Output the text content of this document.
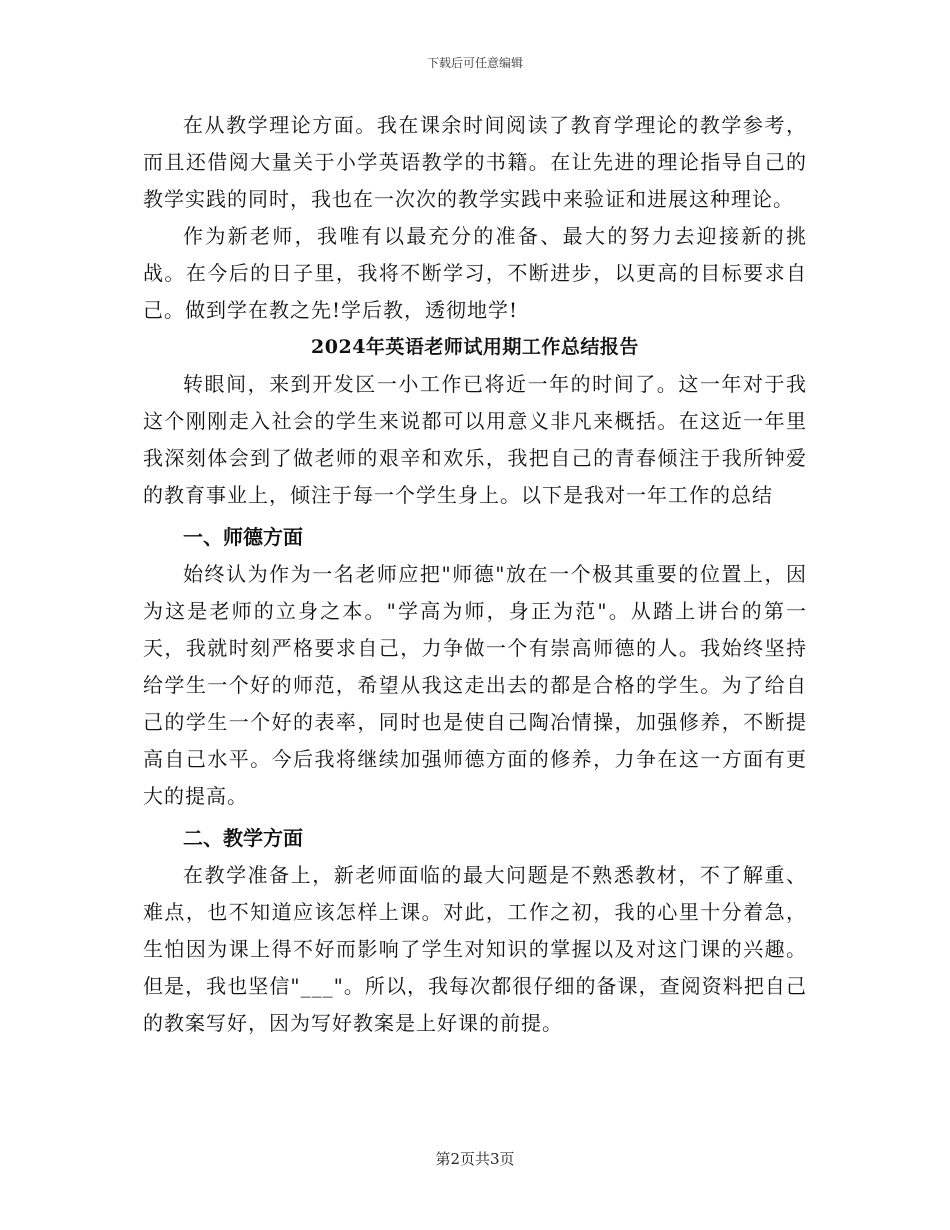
下载后可任意编辑

在从教学理论方面。我在课余时间阅读了教育学理论的教学参考，而且还借阅大量关于小学英语教学的书籍。在让先进的理论指导自己的教学实践的同时，我也在一次次的教学实践中来验证和进展这种理论。

作为新老师，我唯有以最充分的准备、最大的努力去迎接新的挑战。在今后的日子里，我将不断学习，不断进步，以更高的目标要求自己。做到学在教之先!学后教，透彻地学!

2024年英语老师试用期工作总结报告

转眼间，来到开发区一小工作已将近一年的时间了。这一年对于我这个刚刚走入社会的学生来说都可以用意义非凡来概括。在这近一年里我深刻体会到了做老师的艰辛和欢乐，我把自己的青春倾注于我所钟爱的教育事业上，倾注于每一个学生身上。以下是我对一年工作的总结

一、师德方面

始终认为作为一名老师应把"师德"放在一个极其重要的位置上，因为这是老师的立身之本。"学高为师，身正为范"。从踏上讲台的第一天，我就时刻严格要求自己，力争做一个有崇高师德的人。我始终坚持给学生一个好的师范，希望从我这走出去的都是合格的学生。为了给自己的学生一个好的表率，同时也是使自己陶冶情操，加强修养，不断提高自己水平。今后我将继续加强师德方面的修养，力争在这一方面有更大的提高。

二、教学方面

在教学准备上，新老师面临的最大问题是不熟悉教材，不了解重、难点，也不知道应该怎样上课。对此，工作之初，我的心里十分着急，生怕因为课上得不好而影响了学生对知识的掌握以及对这门课的兴趣。但是，我也坚信"___"。所以，我每次都很仔细的备课，查阅资料把自己的教案写好，因为写好教案是上好课的前提。

第2页共3页
